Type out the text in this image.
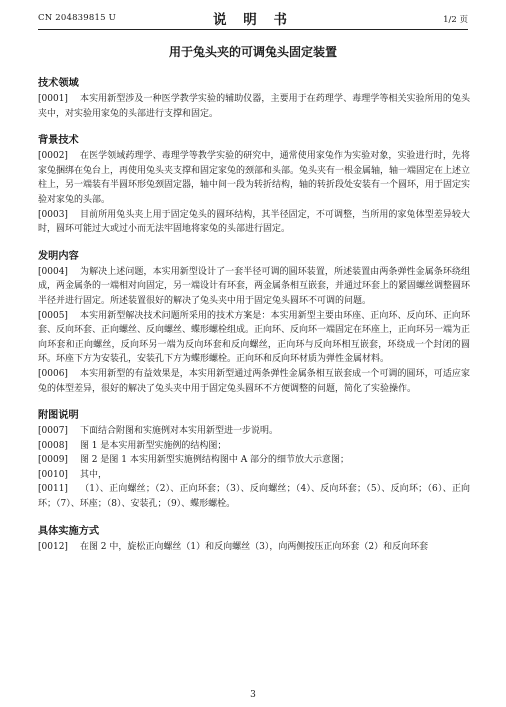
CN 204839815 U	说 明 书	1/2 页
用于兔头夹的可调兔头固定装置
技术领域

[0001] 本实用新型涉及一种医学教学实验的辅助仪器，主要用于在药理学、毒理学等相关实验所用的兔头夹中，对实验用家兔的头部进行支撑和固定。

背景技术

[0002] 在医学领域药理学、毒理学等教学实验的研究中，通常使用家兔作为实验对象，实验进行时，先将家兔捆绑在兔台上，再使用兔头夹支撑和固定家兔的颈部和头部。兔头夹有一根金属轴，轴一端固定在上述立柱上，另一端装有半圆环形兔颈固定器，轴中间一段为转折结构，轴的转折段处安装有一个圆环，用于固定实验对家兔的头部。

[0003] 目前所用兔头夹上用于固定兔头的圆环结构，其半径固定，不可调整，当所用的家兔体型差异较大时，圆环可能过大或过小而无法牢固地将家兔的头部进行固定。

发明内容

[0004] 为解决上述问题，本实用新型设计了一套半径可调的圆环装置，所述装置由两条弹性金属条环绕组成，两金属条的一端相对向固定，另一端设计有环套，两金属条相互嵌套，并通过环套上的紧固螺丝调整圆环半径并进行固定。所述装置很好的解决了兔头夹中用于固定兔头圆环不可调的问题。

[0005] 本实用新型解决技术问题所采用的技术方案是：本实用新型主要由环座、正向环、反向环、正向环套、反向环套、正向螺丝、反向螺丝、蝶形螺栓组成。正向环、反向环一端固定在环座上，正向环另一端为正向环套和正向螺丝，反向环另一端为反向环套和反向螺丝，正向环与反向环相互嵌套，环绕成一个封闭的圆环。环座下方为安装孔，安装孔下方为蝶形螺栓。正向环和反向环材质为弹性金属材料。

[0006] 本实用新型的有益效果是，本实用新型通过两条弹性金属条相互嵌套成一个可调的圆环，可适应家兔的体型差异，很好的解决了兔头夹中用于固定兔头圆环不方便调整的问题，简化了实验操作。

附图说明

[0007] 下面结合附图和实施例对本实用新型进一步说明。

[0008] 图 1 是本实用新型实施例的结构图；

[0009] 图 2 是图 1 本实用新型实施例结构图中 A 部分的细节放大示意图；

[0010] 其中，

[0011] （1）、正向螺丝；（2）、正向环套；（3）、反向螺丝；（4）、反向环套；（5）、反向环；（6）、正向环；（7）、环座；（8）、安装孔；（9）、蝶形螺栓。

具体实施方式

[0012] 在图 2 中，旋松正向螺丝（1）和反向螺丝（3），向两侧按压正向环套（2）和反向环套

3
